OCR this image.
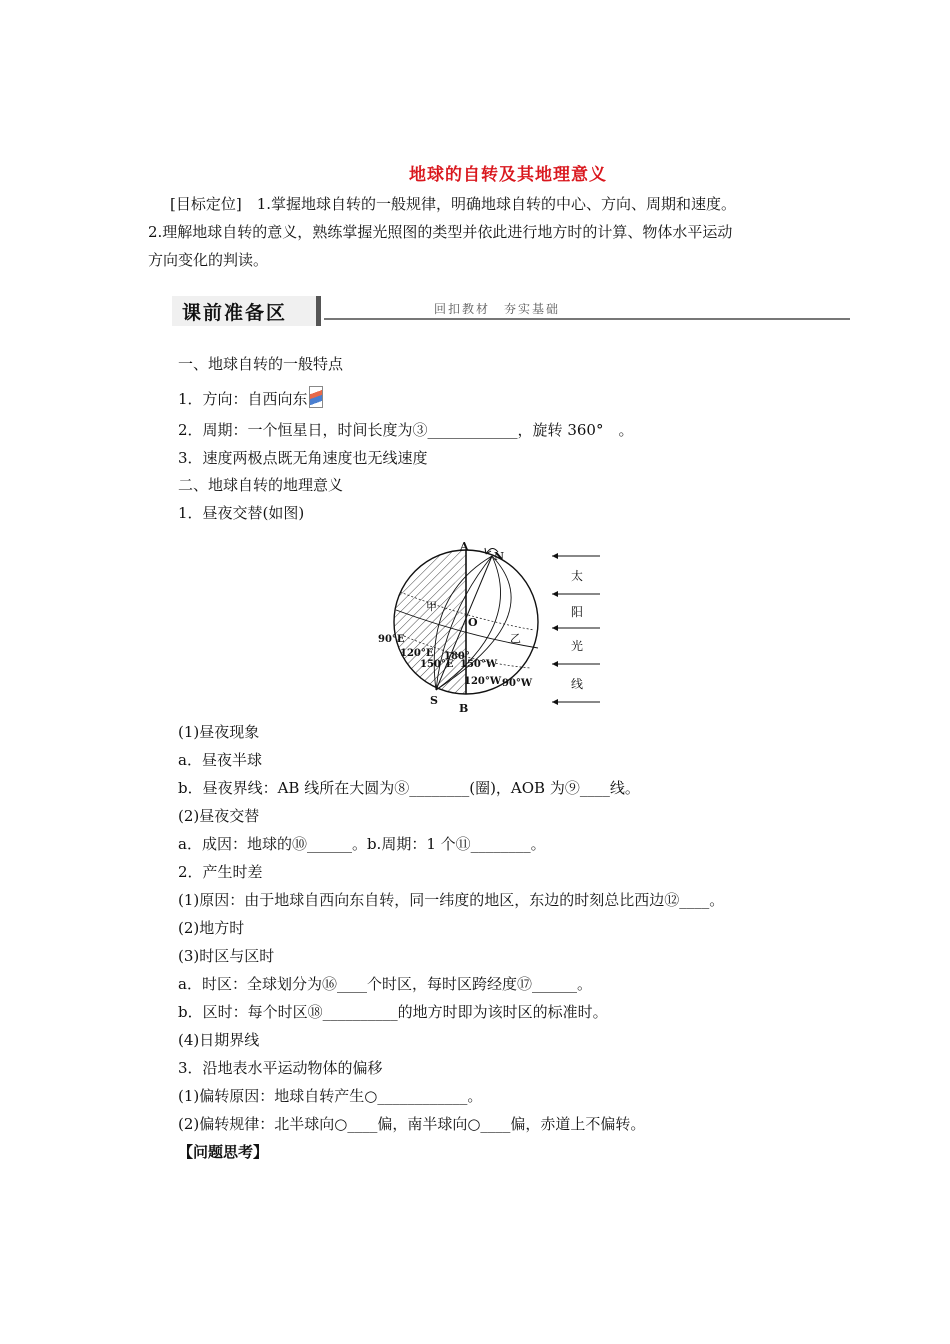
地球的自转及其地理意义
[目标定位]　1.掌握地球自转的一般规律，明确地球自转的中心、方向、周期和速度。

2.理解地球自转的意义，熟练掌握光照图的类型并依此进行地方时的计算、物体水平运动
方向变化的判读。
课前准备区	回扣教材　夯实基础
一、地球自转的一般特点
1．方向：自西向东
2．周期：一个恒星日，时间长度为③____________，旋转 360°　。
3．速度两极点既无角速度也无线速度
二、地球自转的地理意义
1．昼夜交替(如图)
A
N
O
S
B
甲
乙
90°E
120°E
150°E
180°
150°W
120°W 90°W
太
阳
光
线
(1)昼夜现象
a．昼夜半球
b．昼夜界线：AB 线所在大圆为⑧________(圈)，AOB 为⑨____线。
(2)昼夜交替
a．成因：地球的⑩______。b.周期：1 个⑪________。
2．产生时差
(1)原因：由于地球自西向东自转，同一纬度的地区，东边的时刻总比西边⑫____。
(2)地方时
(3)时区与区时
a．时区：全球划分为⑯____个时区，每时区跨经度⑰______。
b．区时：每个时区⑱__________的地方时即为该时区的标准时。
(4)日期界线
3．沿地表水平运动物体的偏移
(1)偏转原因：地球自转产生○____________。
(2)偏转规律：北半球向○____偏，南半球向○____偏，赤道上不偏转。
【问题思考】
